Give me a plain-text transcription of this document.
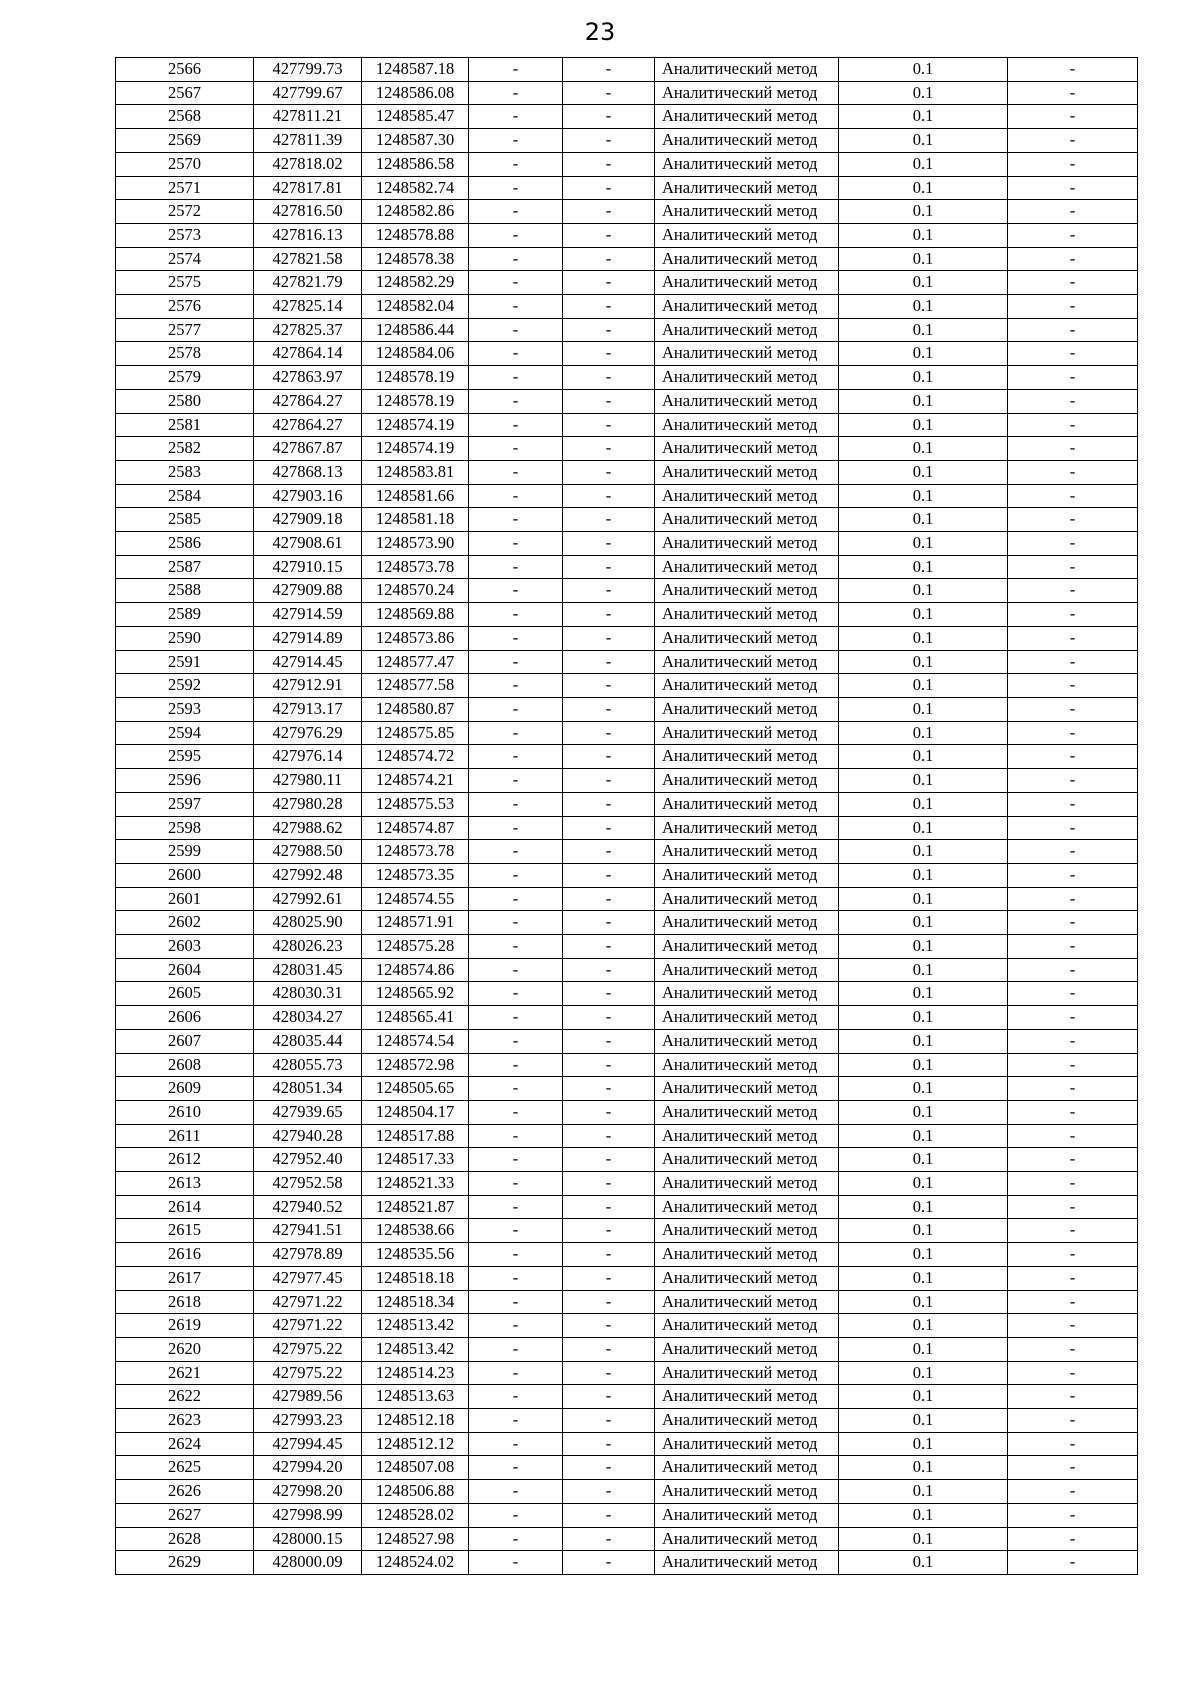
23
2566	427799.73	1248587.18	-	-	Аналитический метод	0.1	-
2567	427799.67	1248586.08	-	-	Аналитический метод	0.1	-
2568	427811.21	1248585.47	-	-	Аналитический метод	0.1	-
2569	427811.39	1248587.30	-	-	Аналитический метод	0.1	-
2570	427818.02	1248586.58	-	-	Аналитический метод	0.1	-
2571	427817.81	1248582.74	-	-	Аналитический метод	0.1	-
2572	427816.50	1248582.86	-	-	Аналитический метод	0.1	-
2573	427816.13	1248578.88	-	-	Аналитический метод	0.1	-
2574	427821.58	1248578.38	-	-	Аналитический метод	0.1	-
2575	427821.79	1248582.29	-	-	Аналитический метод	0.1	-
2576	427825.14	1248582.04	-	-	Аналитический метод	0.1	-
2577	427825.37	1248586.44	-	-	Аналитический метод	0.1	-
2578	427864.14	1248584.06	-	-	Аналитический метод	0.1	-
2579	427863.97	1248578.19	-	-	Аналитический метод	0.1	-
2580	427864.27	1248578.19	-	-	Аналитический метод	0.1	-
2581	427864.27	1248574.19	-	-	Аналитический метод	0.1	-
2582	427867.87	1248574.19	-	-	Аналитический метод	0.1	-
2583	427868.13	1248583.81	-	-	Аналитический метод	0.1	-
2584	427903.16	1248581.66	-	-	Аналитический метод	0.1	-
2585	427909.18	1248581.18	-	-	Аналитический метод	0.1	-
2586	427908.61	1248573.90	-	-	Аналитический метод	0.1	-
2587	427910.15	1248573.78	-	-	Аналитический метод	0.1	-
2588	427909.88	1248570.24	-	-	Аналитический метод	0.1	-
2589	427914.59	1248569.88	-	-	Аналитический метод	0.1	-
2590	427914.89	1248573.86	-	-	Аналитический метод	0.1	-
2591	427914.45	1248577.47	-	-	Аналитический метод	0.1	-
2592	427912.91	1248577.58	-	-	Аналитический метод	0.1	-
2593	427913.17	1248580.87	-	-	Аналитический метод	0.1	-
2594	427976.29	1248575.85	-	-	Аналитический метод	0.1	-
2595	427976.14	1248574.72	-	-	Аналитический метод	0.1	-
2596	427980.11	1248574.21	-	-	Аналитический метод	0.1	-
2597	427980.28	1248575.53	-	-	Аналитический метод	0.1	-
2598	427988.62	1248574.87	-	-	Аналитический метод	0.1	-
2599	427988.50	1248573.78	-	-	Аналитический метод	0.1	-
2600	427992.48	1248573.35	-	-	Аналитический метод	0.1	-
2601	427992.61	1248574.55	-	-	Аналитический метод	0.1	-
2602	428025.90	1248571.91	-	-	Аналитический метод	0.1	-
2603	428026.23	1248575.28	-	-	Аналитический метод	0.1	-
2604	428031.45	1248574.86	-	-	Аналитический метод	0.1	-
2605	428030.31	1248565.92	-	-	Аналитический метод	0.1	-
2606	428034.27	1248565.41	-	-	Аналитический метод	0.1	-
2607	428035.44	1248574.54	-	-	Аналитический метод	0.1	-
2608	428055.73	1248572.98	-	-	Аналитический метод	0.1	-
2609	428051.34	1248505.65	-	-	Аналитический метод	0.1	-
2610	427939.65	1248504.17	-	-	Аналитический метод	0.1	-
2611	427940.28	1248517.88	-	-	Аналитический метод	0.1	-
2612	427952.40	1248517.33	-	-	Аналитический метод	0.1	-
2613	427952.58	1248521.33	-	-	Аналитический метод	0.1	-
2614	427940.52	1248521.87	-	-	Аналитический метод	0.1	-
2615	427941.51	1248538.66	-	-	Аналитический метод	0.1	-
2616	427978.89	1248535.56	-	-	Аналитический метод	0.1	-
2617	427977.45	1248518.18	-	-	Аналитический метод	0.1	-
2618	427971.22	1248518.34	-	-	Аналитический метод	0.1	-
2619	427971.22	1248513.42	-	-	Аналитический метод	0.1	-
2620	427975.22	1248513.42	-	-	Аналитический метод	0.1	-
2621	427975.22	1248514.23	-	-	Аналитический метод	0.1	-
2622	427989.56	1248513.63	-	-	Аналитический метод	0.1	-
2623	427993.23	1248512.18	-	-	Аналитический метод	0.1	-
2624	427994.45	1248512.12	-	-	Аналитический метод	0.1	-
2625	427994.20	1248507.08	-	-	Аналитический метод	0.1	-
2626	427998.20	1248506.88	-	-	Аналитический метод	0.1	-
2627	427998.99	1248528.02	-	-	Аналитический метод	0.1	-
2628	428000.15	1248527.98	-	-	Аналитический метод	0.1	-
2629	428000.09	1248524.02	-	-	Аналитический метод	0.1	-
